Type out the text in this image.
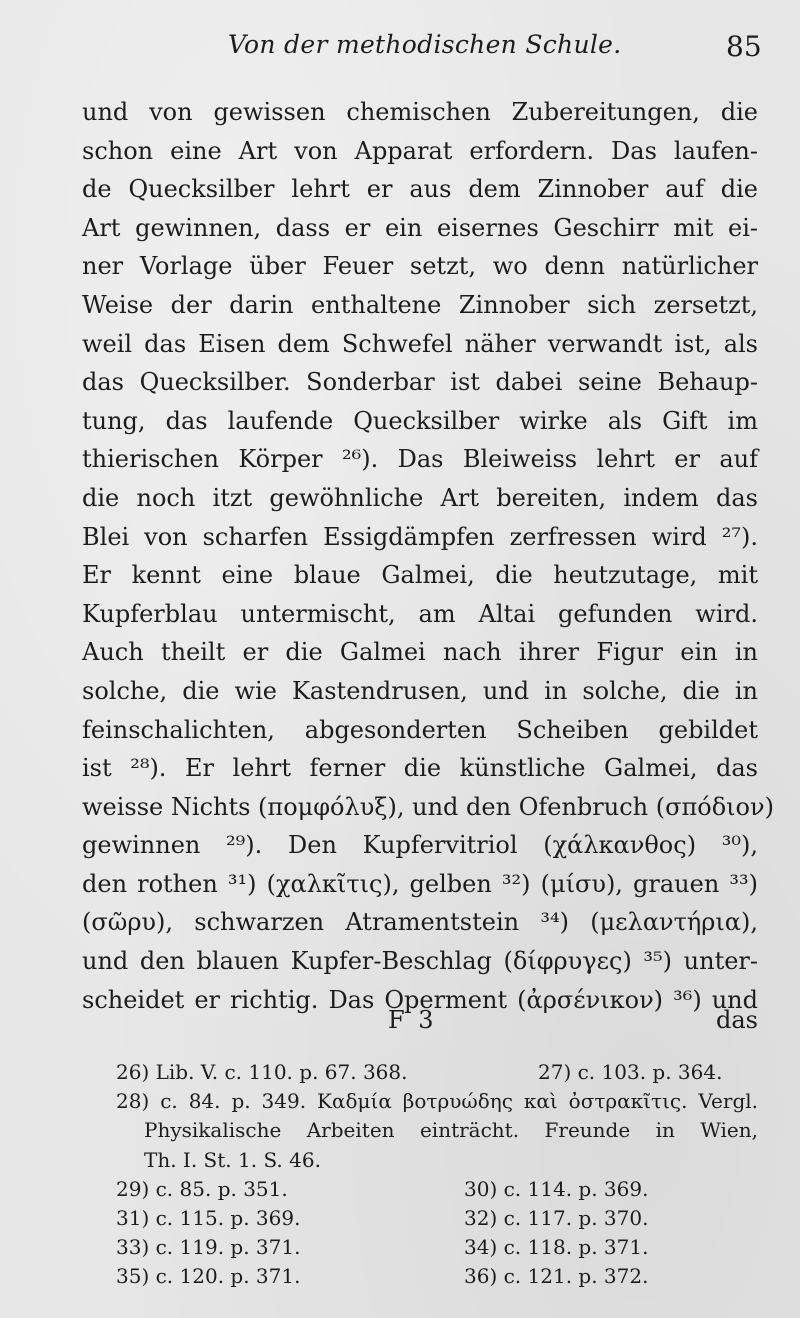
Von der methodischen Schule.	85
und von gewissen chemischen Zubereitungen, die
schon eine Art von Apparat erfordern. Das laufen-
de Quecksilber lehrt er aus dem Zinnober auf die
Art gewinnen, dass er ein eisernes Geschirr mit ei-
ner Vorlage über Feuer setzt, wo denn natürlicher
Weise der darin enthaltene Zinnober sich zersetzt,
weil das Eisen dem Schwefel näher verwandt ist, als
das Quecksilber. Sonderbar ist dabei seine Behaup-
tung, das laufende Quecksilber wirke als Gift im
thierischen Körper ²⁶). Das Bleiweiss lehrt er auf
die noch itzt gewöhnliche Art bereiten, indem das
Blei von scharfen Essigdämpfen zerfressen wird ²⁷).
Er kennt eine blaue Galmei, die heutzutage, mit
Kupferblau untermischt, am Altai gefunden wird.
Auch theilt er die Galmei nach ihrer Figur ein in
solche, die wie Kastendrusen, und in solche, die in
feinschalichten, abgesonderten Scheiben gebildet
ist ²⁸). Er lehrt ferner die künstliche Galmei, das
weisse Nichts (πομφόλυξ), und den Ofenbruch (σπόδιον)
gewinnen ²⁹). Den Kupfervitriol (χάλκανθος) ³⁰),
den rothen ³¹) (χαλκῖτις), gelben ³²) (μίσυ), grauen ³³)
(σῶρυ), schwarzen Atramentstein ³⁴) (μελαντήρια),
und den blauen Kupfer-Beschlag (δίφρυγες) ³⁵) unter-
scheidet er richtig. Das Operment (ἀρσένικον) ³⁶) und
F 3	das
26) Lib. V. c. 110. p. 67. 368.	27) c. 103. p. 364.
28) c. 84. p. 349. Καδμία βοτρυώδης καὶ ὀστρακῖτις. Vergl.
Physikalische Arbeiten einträcht. Freunde in Wien,
Th. I. St. 1. S. 46.
29) c. 85. p. 351.	30) c. 114. p. 369.
31) c. 115. p. 369.	32) c. 117. p. 370.
33) c. 119. p. 371.	34) c. 118. p. 371.
35) c. 120. p. 371.	36) c. 121. p. 372.
